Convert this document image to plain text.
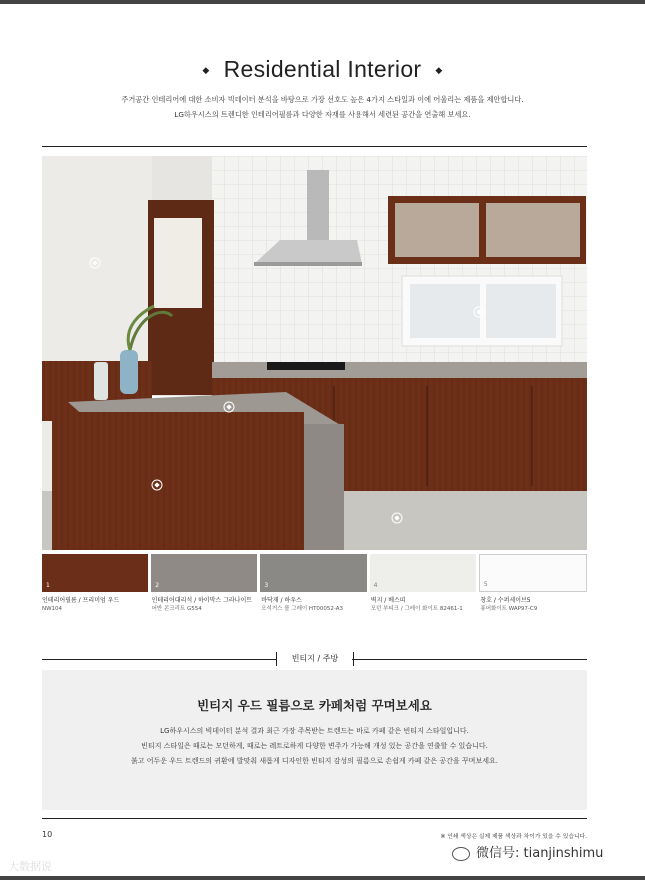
◆ Residential Interior ◆
주거공간 인테리어에 대한 소비자 빅데이터 분석을 바탕으로 가장 선호도 높은 4가지 스타일과 이에 어울리는 제품을 제안합니다.
LG하우시스의 트렌디한 인테리어필름과 다양한 자재를 사용해서 세련된 공간을 연출해 보세요.
1	2	3	4	5
인테리어필름 / 프리미엄 우드
NW104
인테리어대리석 / 하이막스 그라나이트
어반 콘크리트 G554
바닥재 / 하우스
오석거스 몰 그레이 HT00052-A3
벽지 / 베스띠
모던 부티크 / 그레이 화이트 82461-1
창호 / 수퍼세이브5
퓨어화이트 WAP97-C9
빈티지 / 주방
빈티지 우드 필름으로 카페처럼 꾸며보세요

LG하우시스의 빅데이터 분석 결과 최근 가장 주목받는 트렌드는 바로 카페 같은 빈티지 스타일입니다.

빈티지 스타일은 때로는 모던하게, 때로는 레트로하게 다양한 변주가 가능해 개성 있는 공간을 연출할 수 있습니다.

붉고 어두운 우드 트렌드의 귀환에 발맞춰 새롭게 디자인한 빈티지 감성의 필름으로 손쉽게 카페 같은 공간을 꾸며보세요.

10	※ 인쇄 색상은 실제 제품 색상과 차이가 있을 수 있습니다.
大数据说
微信号: tianjinshimu
